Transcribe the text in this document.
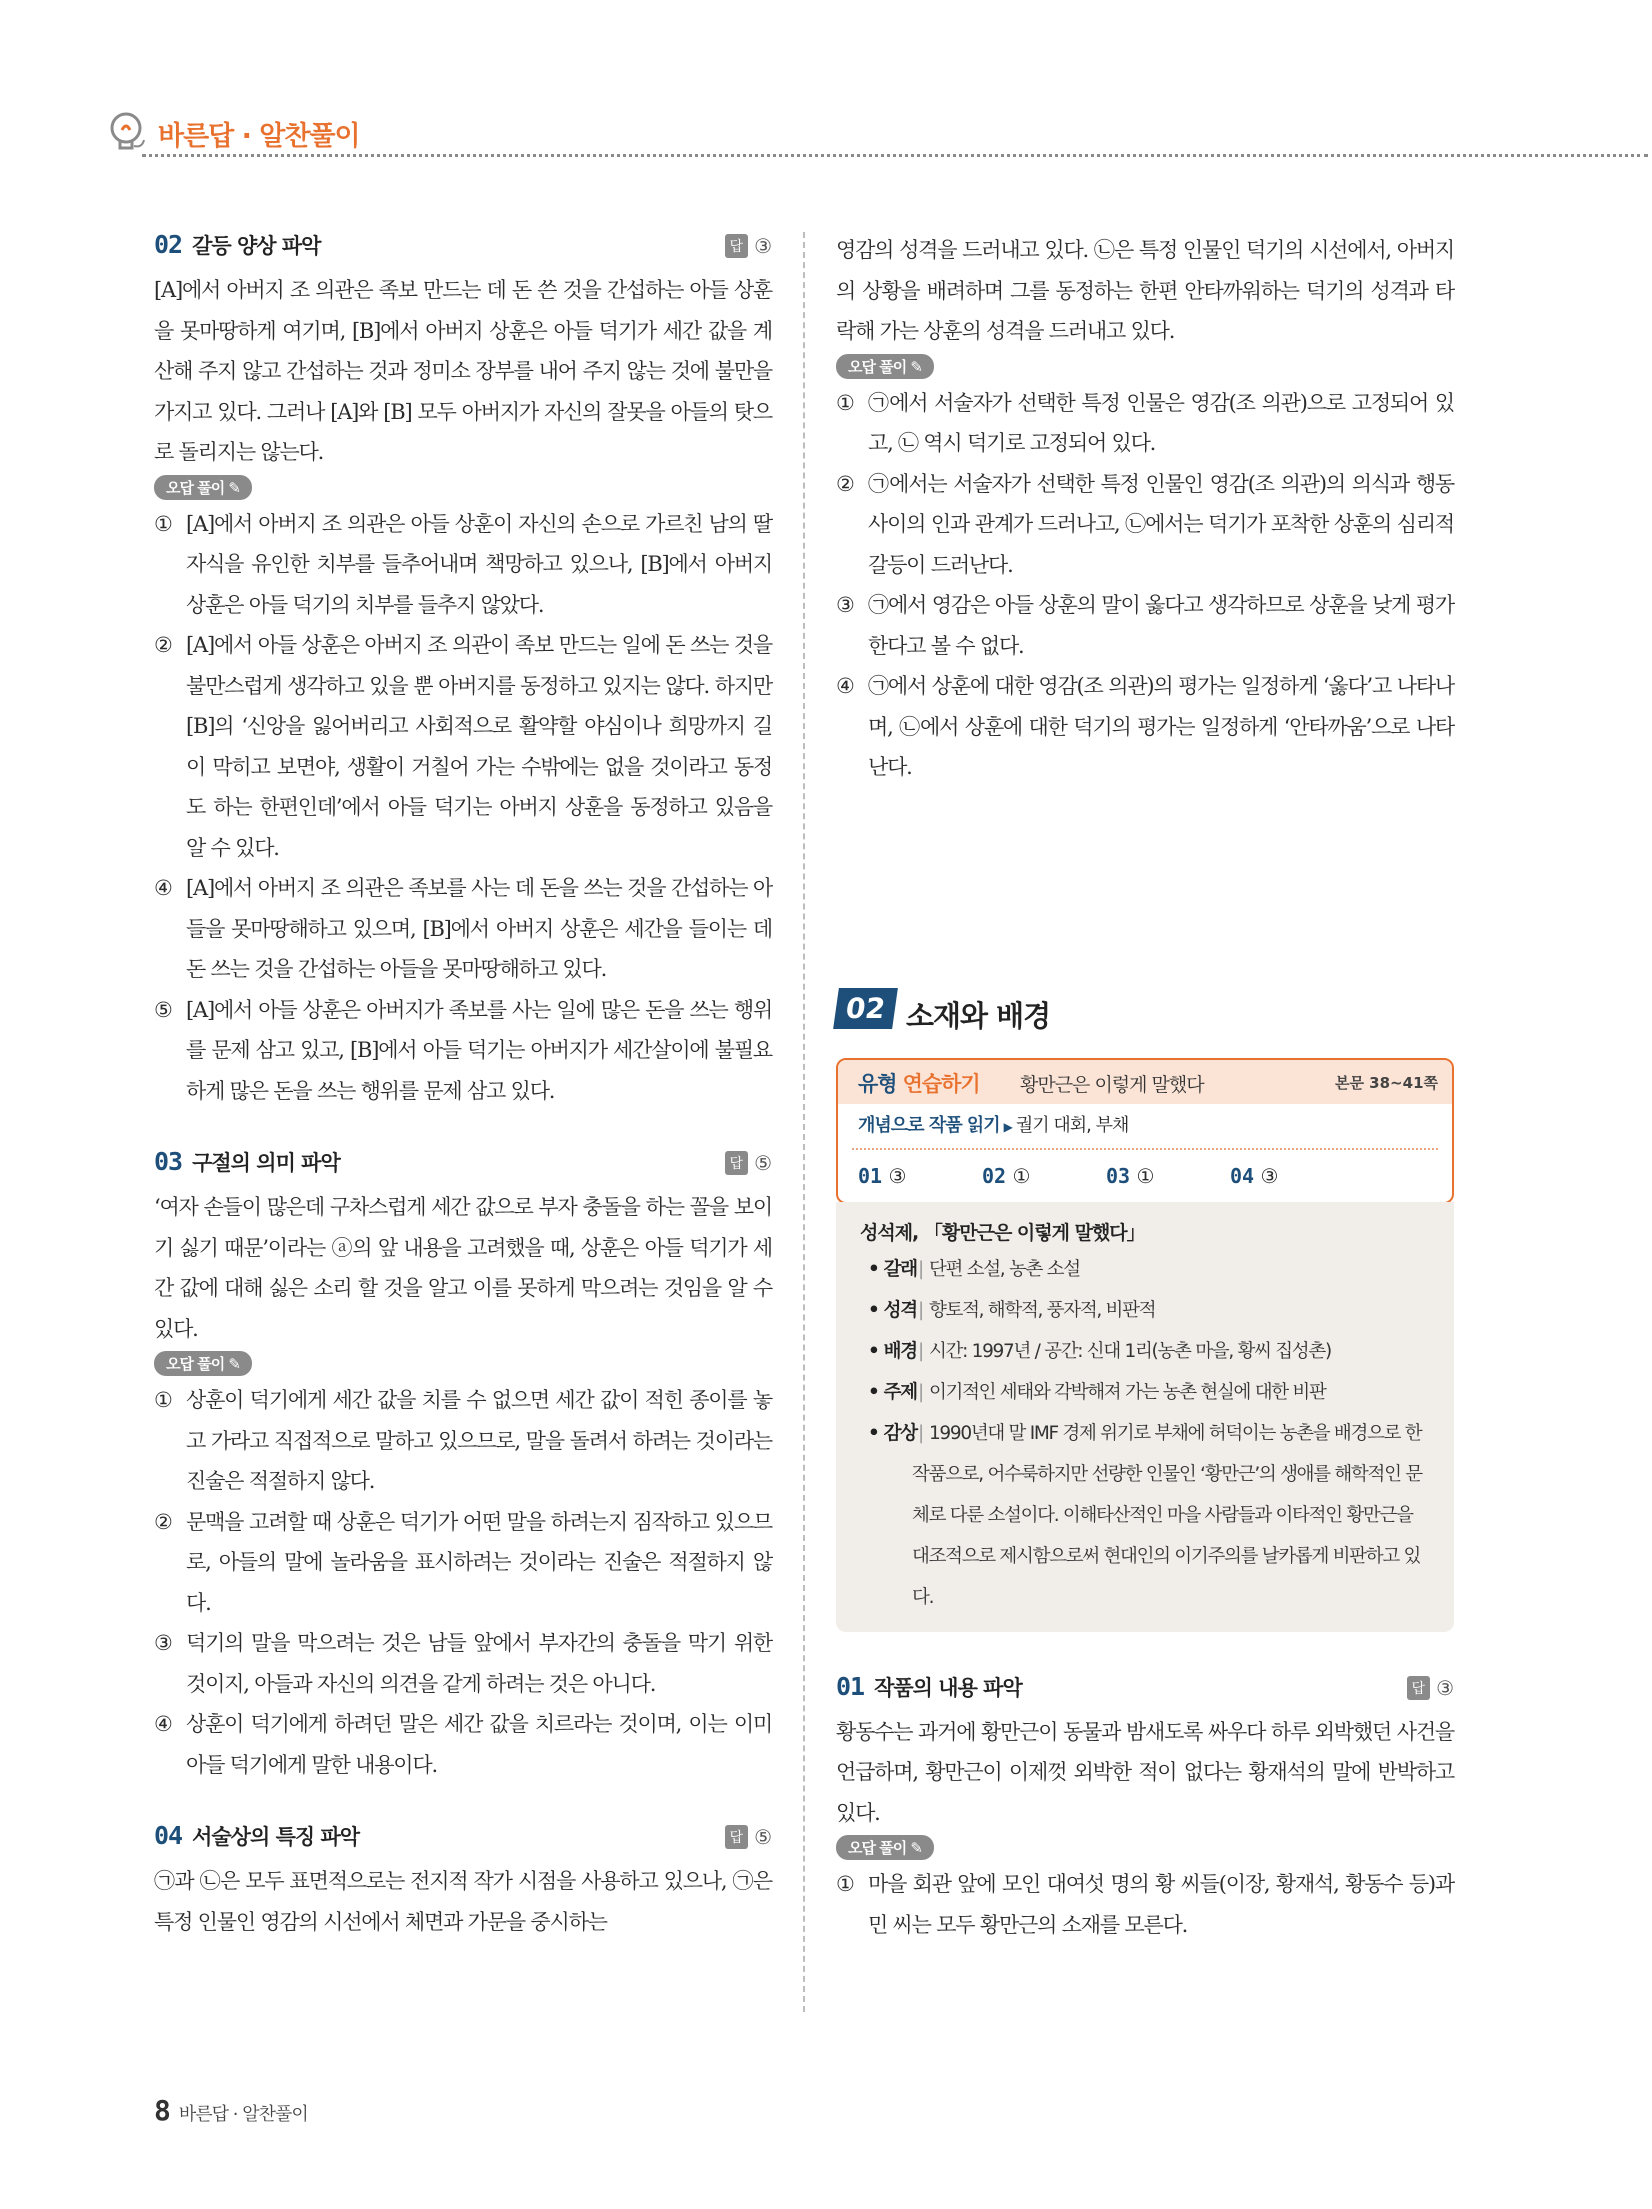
바른답 · 알찬풀이
02 갈등 양상 파악	답 ③

[A]에서 아버지 조 의관은 족보 만드는 데 돈 쓴 것을 간섭하는 아들 상훈을 못마땅하게 여기며, [B]에서 아버지 상훈은 아들 덕기가 세간 값을 계산해 주지 않고 간섭하는 것과 정미소 장부를 내어 주지 않는 것에 불만을 가지고 있다. 그러나 [A]와 [B] 모두 아버지가 자신의 잘못을 아들의 탓으로 돌리지는 않는다.

오답 풀이 ✎
① [A]에서 아버지 조 의관은 아들 상훈이 자신의 손으로 가르친 남의 딸자식을 유인한 치부를 들추어내며 책망하고 있으나, [B]에서 아버지 상훈은 아들 덕기의 치부를 들추지 않았다.
② [A]에서 아들 상훈은 아버지 조 의관이 족보 만드는 일에 돈 쓰는 것을 불만스럽게 생각하고 있을 뿐 아버지를 동정하고 있지는 않다. 하지만 [B]의 ‘신앙을 잃어버리고 사회적으로 활약할 야심이나 희망까지 길이 막히고 보면야, 생활이 거칠어 가는 수밖에는 없을 것이라고 동정도 하는 한편인데’에서 아들 덕기는 아버지 상훈을 동정하고 있음을 알 수 있다.
④ [A]에서 아버지 조 의관은 족보를 사는 데 돈을 쓰는 것을 간섭하는 아들을 못마땅해하고 있으며, [B]에서 아버지 상훈은 세간을 들이는 데 돈 쓰는 것을 간섭하는 아들을 못마땅해하고 있다.
⑤ [A]에서 아들 상훈은 아버지가 족보를 사는 일에 많은 돈을 쓰는 행위를 문제 삼고 있고, [B]에서 아들 덕기는 아버지가 세간살이에 불필요하게 많은 돈을 쓰는 행위를 문제 삼고 있다.
03 구절의 의미 파악	답 ⑤

‘여자 손들이 많은데 구차스럽게 세간 값으로 부자 충돌을 하는 꼴을 보이기 싫기 때문’이라는 ⓐ의 앞 내용을 고려했을 때, 상훈은 아들 덕기가 세간 값에 대해 싫은 소리 할 것을 알고 이를 못하게 막으려는 것임을 알 수 있다.

오답 풀이 ✎
① 상훈이 덕기에게 세간 값을 치를 수 없으면 세간 값이 적힌 종이를 놓고 가라고 직접적으로 말하고 있으므로, 말을 돌려서 하려는 것이라는 진술은 적절하지 않다.
② 문맥을 고려할 때 상훈은 덕기가 어떤 말을 하려는지 짐작하고 있으므로, 아들의 말에 놀라움을 표시하려는 것이라는 진술은 적절하지 않다.
③ 덕기의 말을 막으려는 것은 남들 앞에서 부자간의 충돌을 막기 위한 것이지, 아들과 자신의 의견을 같게 하려는 것은 아니다.
④ 상훈이 덕기에게 하려던 말은 세간 값을 치르라는 것이며, 이는 이미 아들 덕기에게 말한 내용이다.
04 서술상의 특징 파악	답 ⑤

㉠과 ㉡은 모두 표면적으로는 전지적 작가 시점을 사용하고 있으나, ㉠은 특정 인물인 영감의 시선에서 체면과 가문을 중시하는

영감의 성격을 드러내고 있다. ㉡은 특정 인물인 덕기의 시선에서, 아버지의 상황을 배려하며 그를 동정하는 한편 안타까워하는 덕기의 성격과 타락해 가는 상훈의 성격을 드러내고 있다.

오답 풀이 ✎
① ㉠에서 서술자가 선택한 특정 인물은 영감(조 의관)으로 고정되어 있고, ㉡ 역시 덕기로 고정되어 있다.
② ㉠에서는 서술자가 선택한 특정 인물인 영감(조 의관)의 의식과 행동 사이의 인과 관계가 드러나고, ㉡에서는 덕기가 포착한 상훈의 심리적 갈등이 드러난다.
③ ㉠에서 영감은 아들 상훈의 말이 옳다고 생각하므로 상훈을 낮게 평가한다고 볼 수 없다.
④ ㉠에서 상훈에 대한 영감(조 의관)의 평가는 일정하게 ‘옳다’고 나타나며, ㉡에서 상훈에 대한 덕기의 평가는 일정하게 ‘안타까움’으로 나타난다.
02 소재와 배경
유형 연습하기 황만근은 이렇게 말했다	본문 38~41쪽
개념으로 작품 읽기 ▶ 궐기 대회, 부채
01 ③	02 ①	03 ①	04 ③
성석제, 「황만근은 이렇게 말했다」
• 갈래 | 단편 소설, 농촌 소설
• 성격 | 향토적, 해학적, 풍자적, 비판적
• 배경 | 시간: 1997년 / 공간: 신대 1리(농촌 마을, 황씨 집성촌)
• 주제 | 이기적인 세태와 각박해져 가는 농촌 현실에 대한 비판
• 감상 | 1990년대 말 IMF 경제 위기로 부채에 허덕이는 농촌을 배경으로 한 작품으로, 어수룩하지만 선량한 인물인 ‘황만근’의 생애를 해학적인 문체로 다룬 소설이다. 이해타산적인 마을 사람들과 이타적인 황만근을 대조적으로 제시함으로써 현대인의 이기주의를 날카롭게 비판하고 있다.
01 작품의 내용 파악	답 ③

황동수는 과거에 황만근이 동물과 밤새도록 싸우다 하루 외박했던 사건을 언급하며, 황만근이 이제껏 외박한 적이 없다는 황재석의 말에 반박하고 있다.

오답 풀이 ✎
① 마을 회관 앞에 모인 대여섯 명의 황 씨들(이장, 황재석, 황동수 등)과 민 씨는 모두 황만근의 소재를 모른다.
8 바른답 · 알찬풀이
